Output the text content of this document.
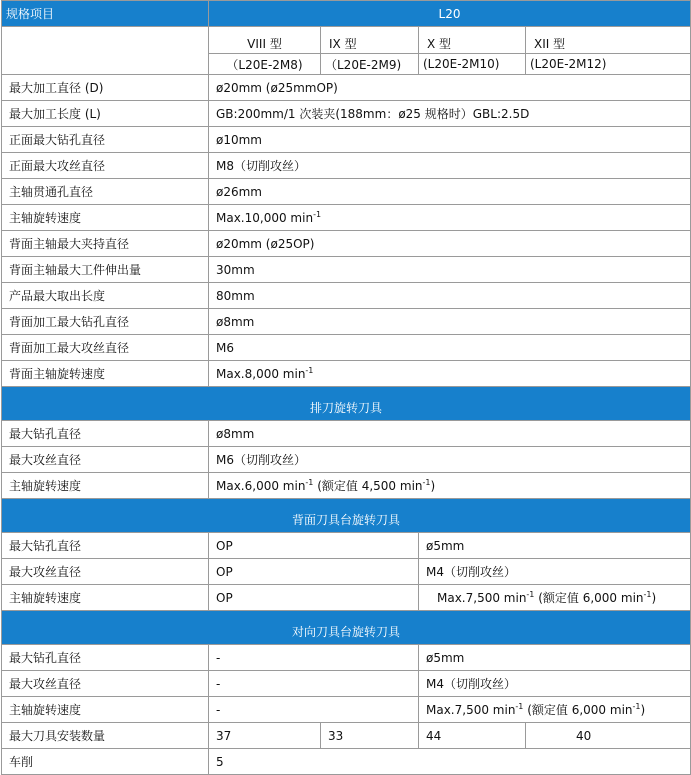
规格项目	L20			
	VIII 型	IX 型	X 型	XII 型
	（L20E-2M8)	（L20E-2M9)	(L20E-2M10)	(L20E-2M12)
最大加工直径 (D)	ø20mm (ø25mmOP)			
最大加工长度 (L)	GB:200mm/1 次装夹(188mm：ø25 规格时）GBL:2.5D			
正面最大钻孔直径	ø10mm			
正面最大攻丝直径	M8（切削攻丝）			
主轴贯通孔直径	ø26mm			
主轴旋转速度	Max.10,000 $\min^{-1}$
背面主轴最大夹持直径	ø20mm (ø25OP)			
背面主轴最大工件伸出量	30mm			
产品最大取出长度	80mm			
背面加工最大钻孔直径	ø8mm			
背面加工最大攻丝直径	M6			
背面主轴旋转速度	Max.8,000 $\min^{-1}$
排刀旋转刀具				
最大钻孔直径	ø8mm			
最大攻丝直径	M6（切削攻丝）			
主轴旋转速度	Max.6,000 $\min^{-1}$ (额定值 4,500 $\min^{-1}$)			
背面刀具台旋转刀具				
最大钻孔直径	OP		ø5mm	
最大攻丝直径	OP		M4（切削攻丝）	
主轴旋转速度	OP		Max.7,500 $\min^{-1}$ (额定值 6,000 $\min^{-1}$)	
对向刀具台旋转刀具				
最大钻孔直径	-		ø5mm	
最大攻丝直径	-		M4（切削攻丝）	
主轴旋转速度	-		Max.7,500 $\min^{-1}$ (额定值 6,000 $\min^{-1}$)	
最大刀具安装数量	37	33	44	40
车削	5			
